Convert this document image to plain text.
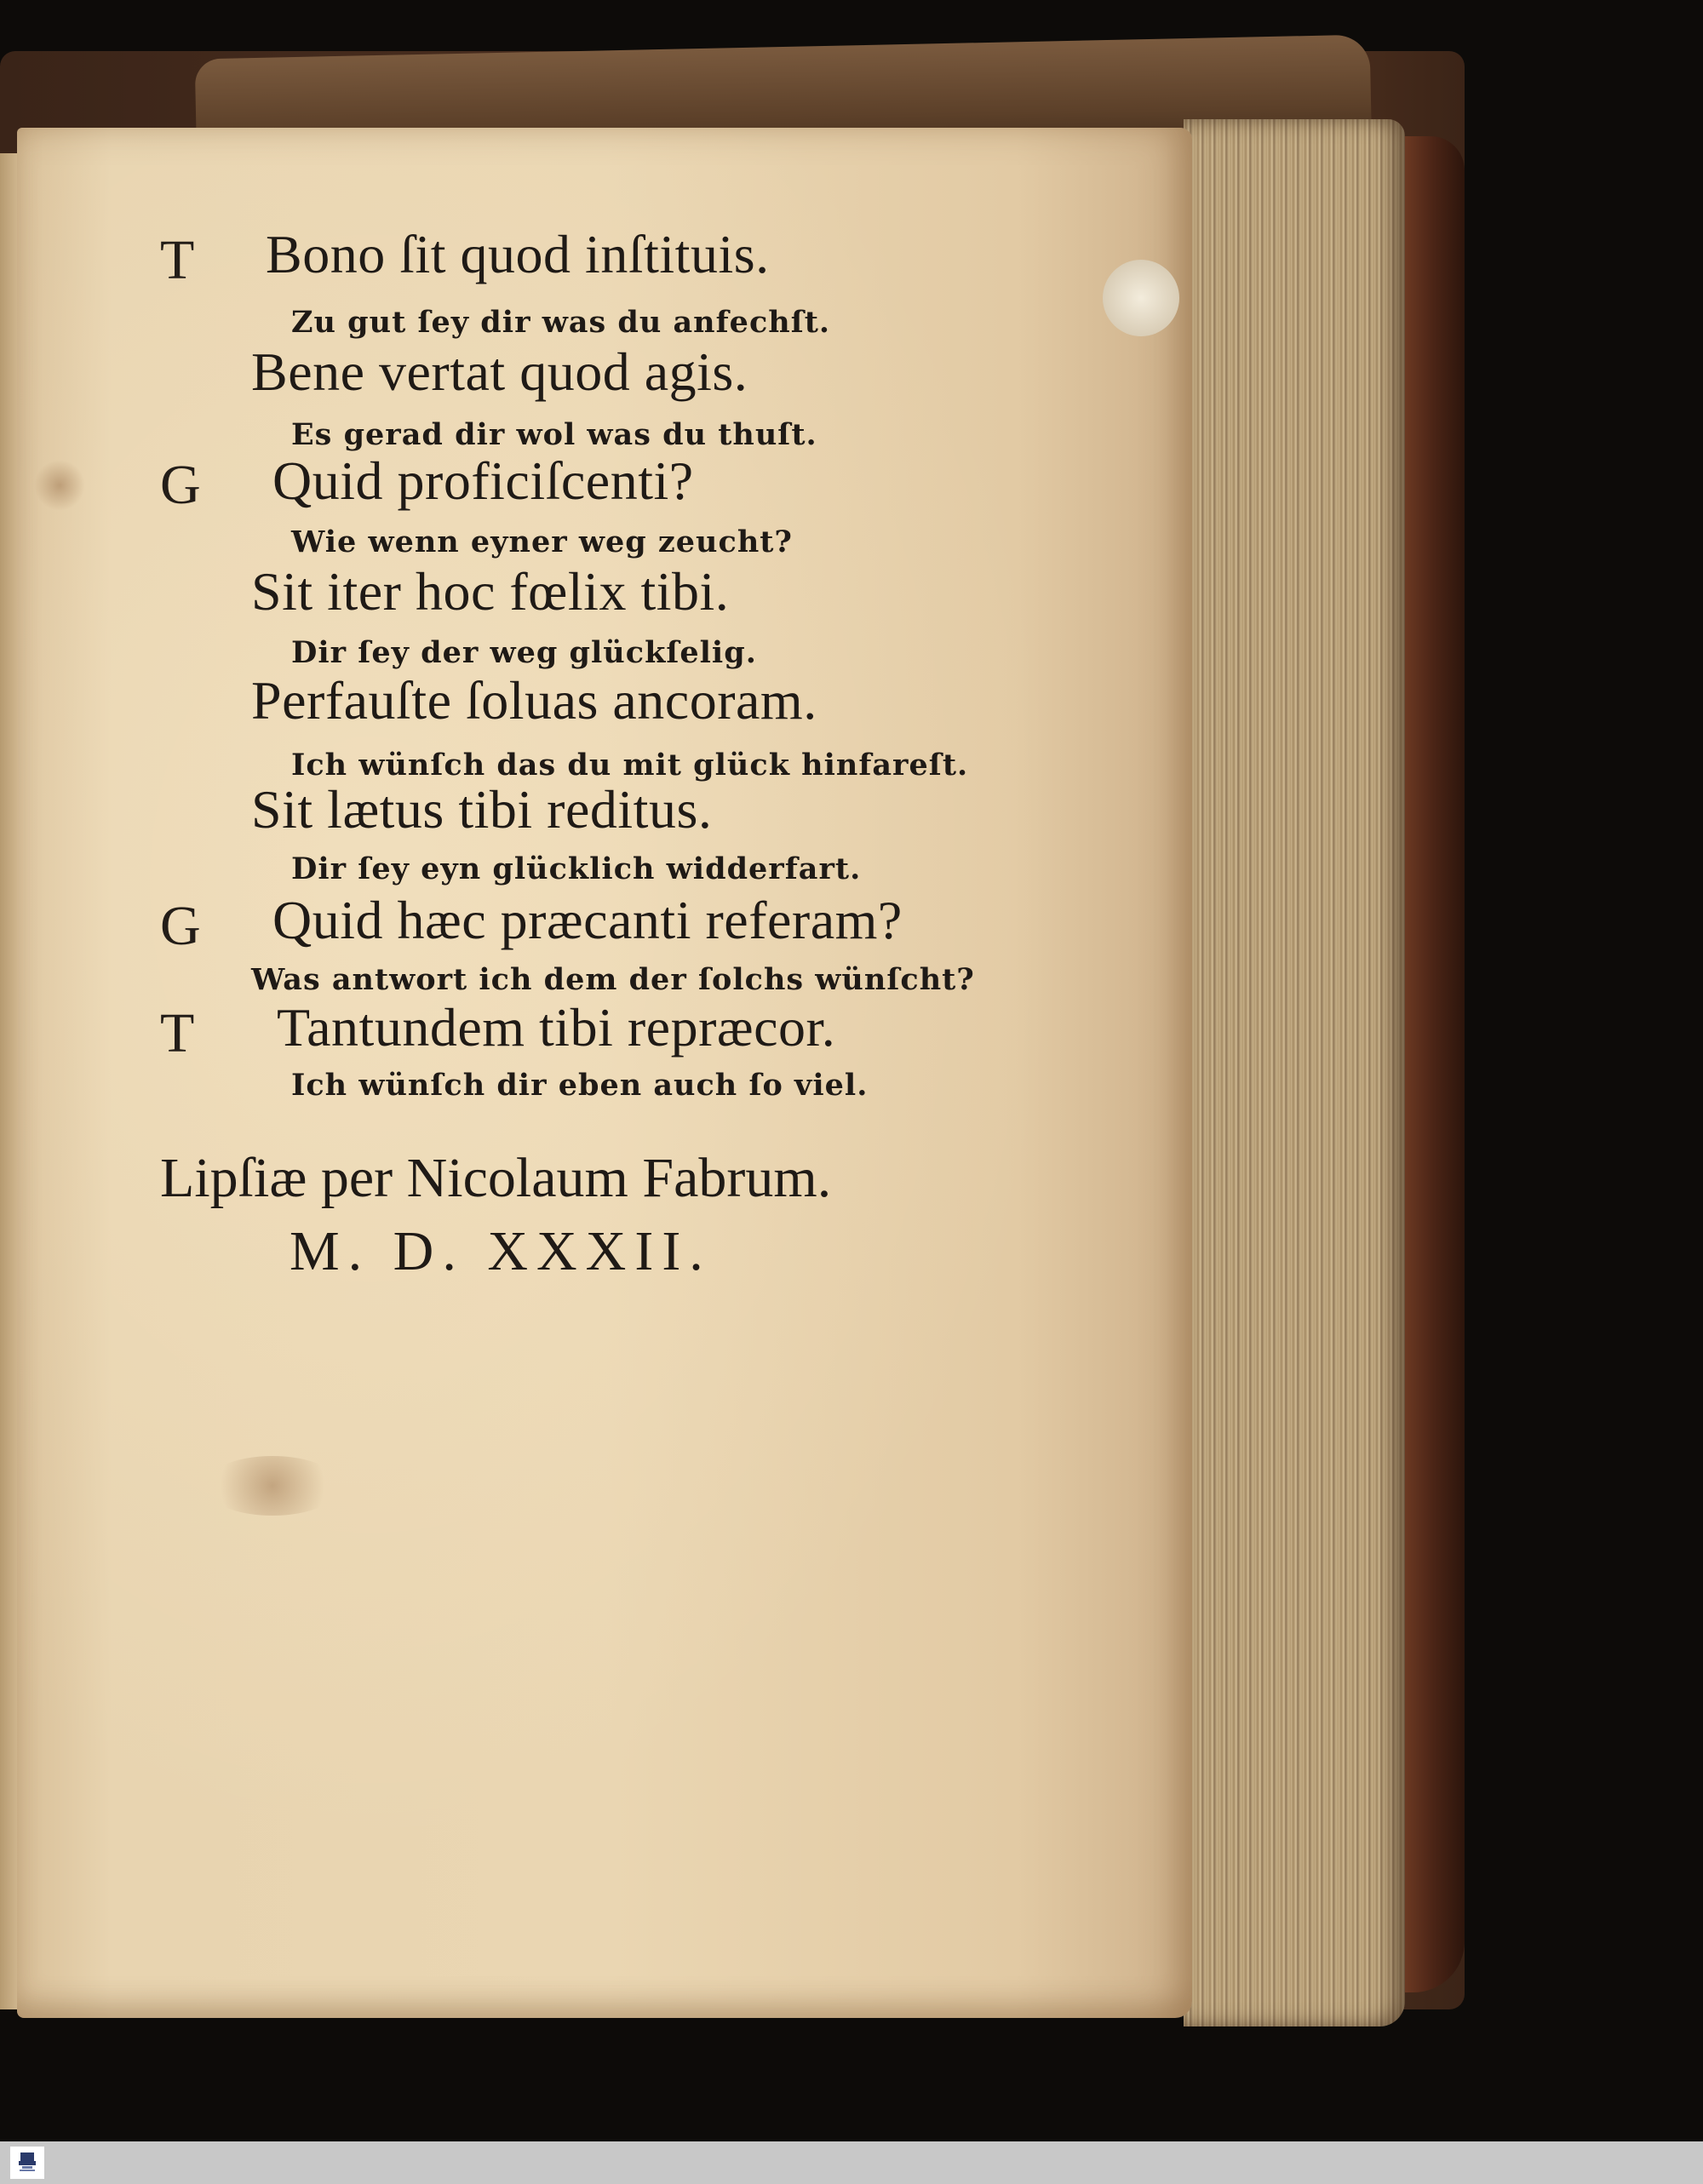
T Bono ſit quod inſtituis.

Zu gut ſey dir was du anfechſt.

Bene vertat quod agis.

Es gerad dir wol was du thuſt.

G Quid proficiſcenti?

Wie wenn eyner weg zeucht?

Sit iter hoc fœlix tibi.

Dir ſey der weg glückſelig.

Perfauſte ſoluas ancoram.

Ich wünſch das du mit glück hinfareſt.

Sit lætus tibi reditus.

Dir ſey eyn glücklich widderfart.

G Quid hæc præcanti referam?

Was antwort ich dem der ſolchs wünſcht?

T Tantundem tibi repræcor.

Ich wünſch dir eben auch ſo viel.

Lipſiæ per Nicolaum Fabrum.

M. D. XXXII.
